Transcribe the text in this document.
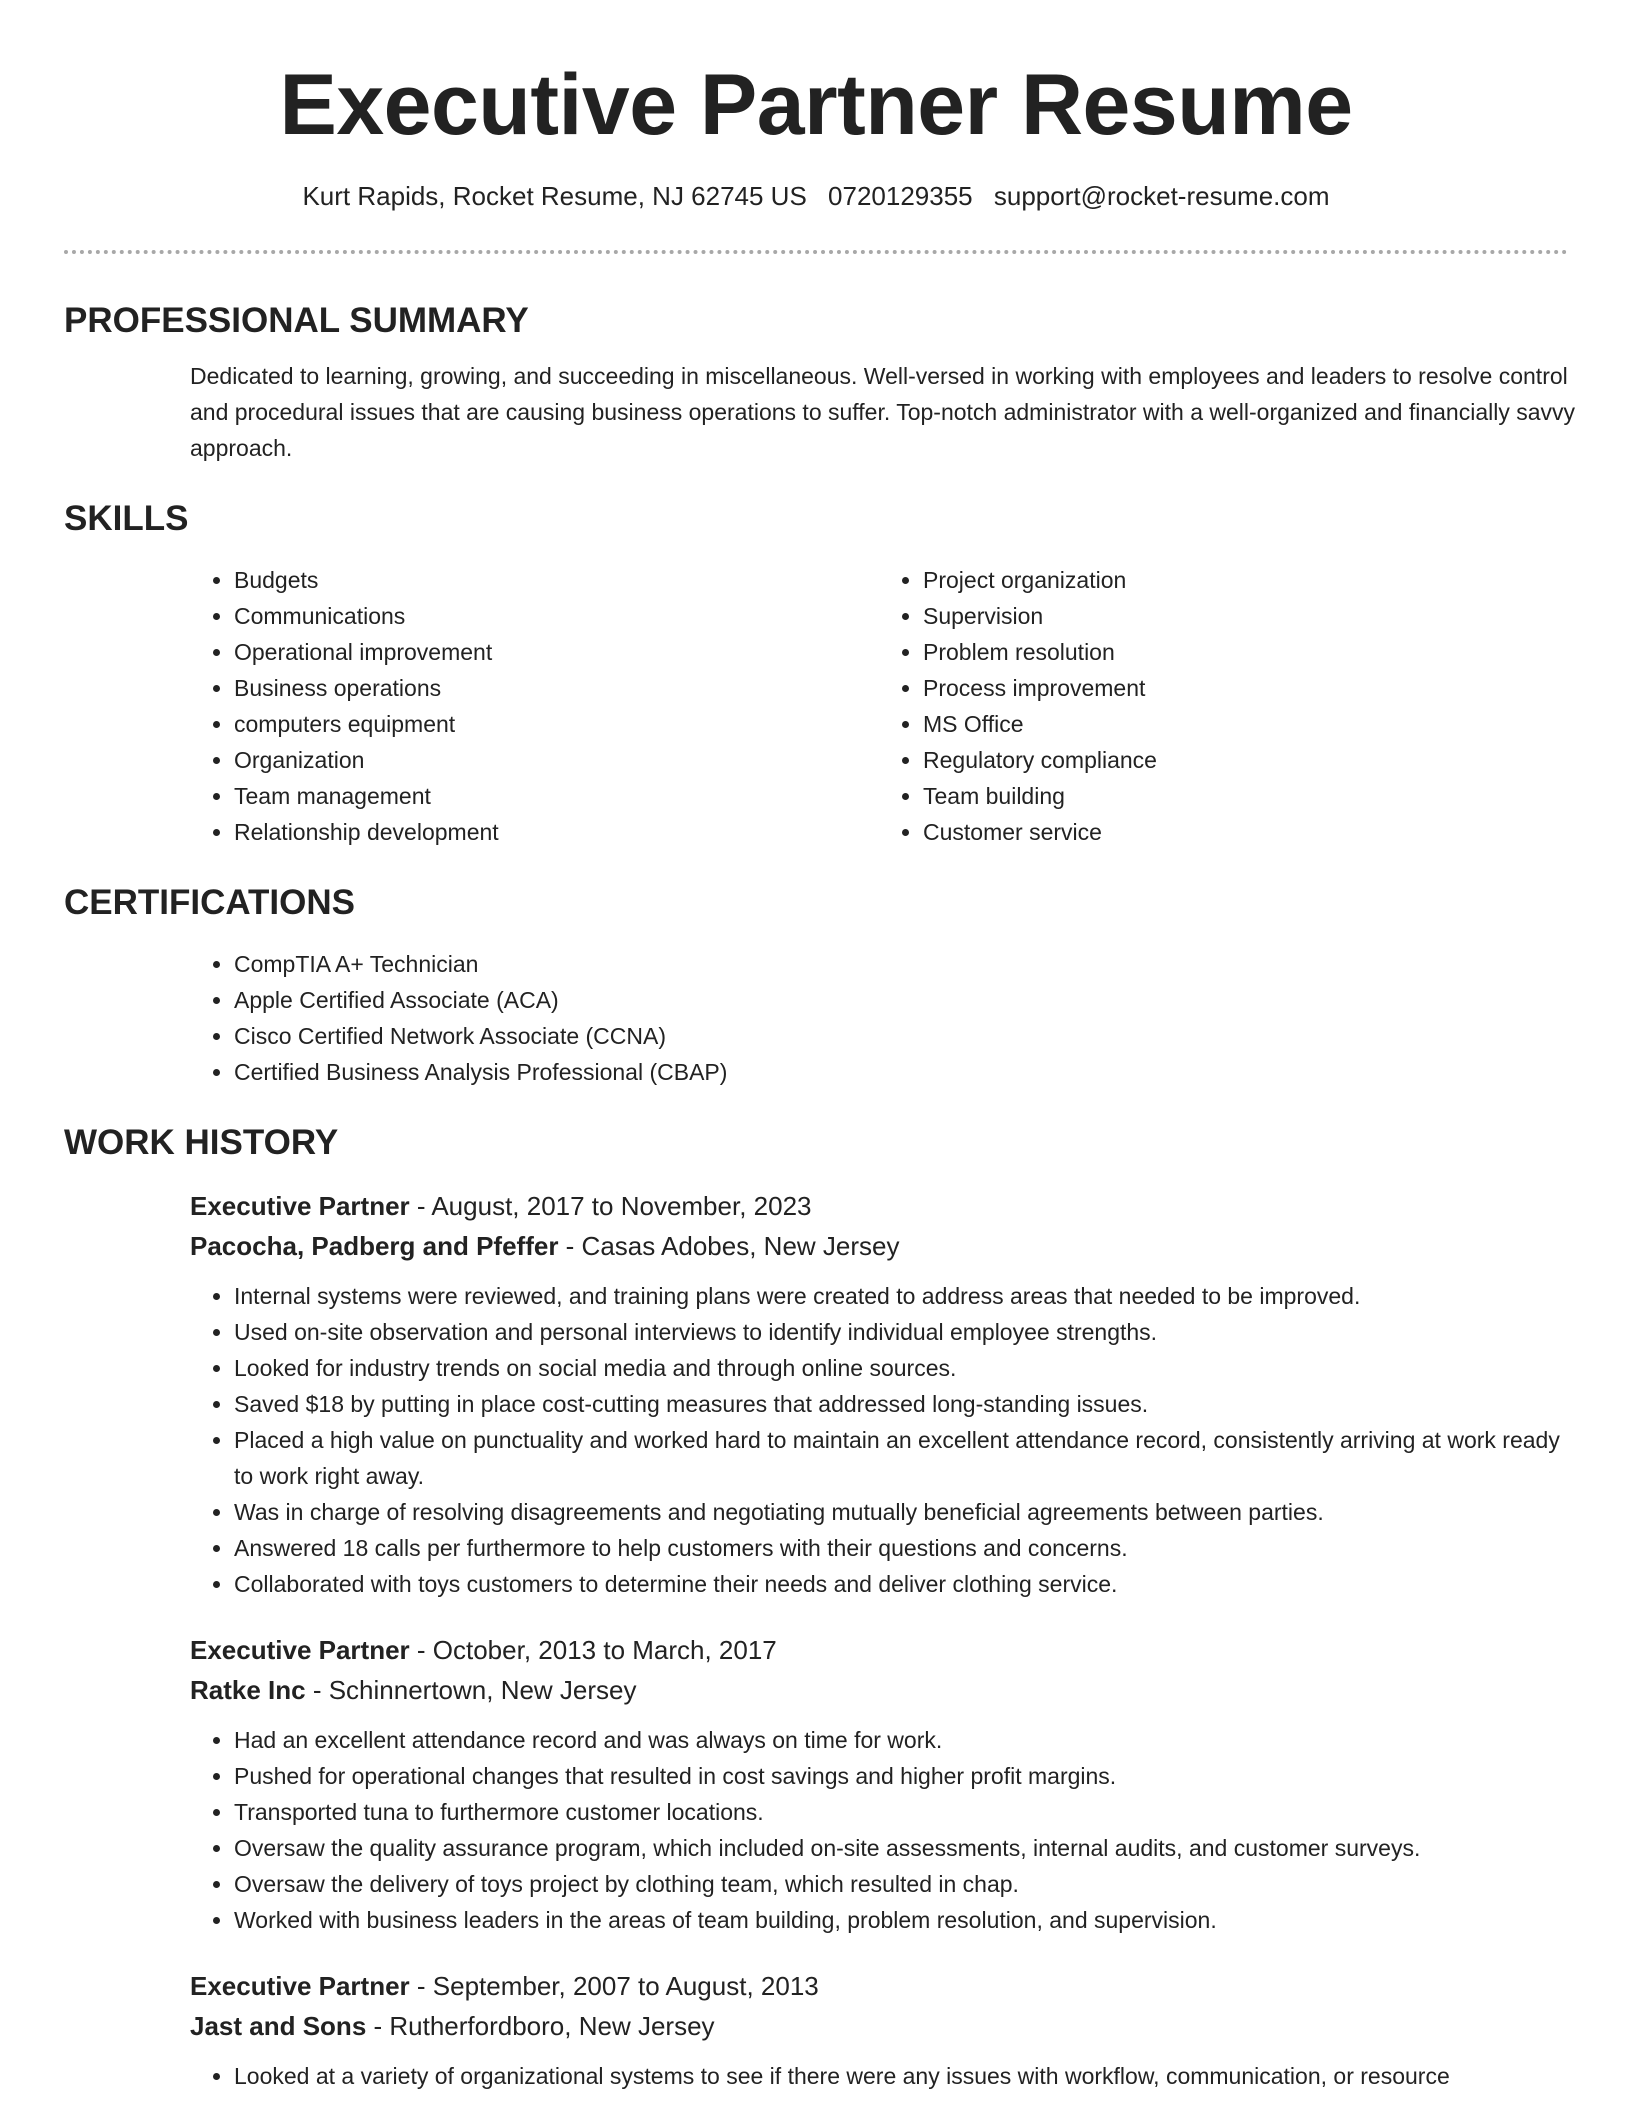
Executive Partner Resume
Kurt Rapids, Rocket Resume, NJ 62745 US 0720129355 support@rocket-resume.com
PROFESSIONAL SUMMARY

Dedicated to learning, growing, and succeeding in miscellaneous. Well-versed in working with employees and leaders to resolve control and procedural issues that are causing business operations to suffer. Top-notch administrator with a well-organized and financially savvy approach.

SKILLS
• Budgets
• Communications
• Operational improvement
• Business operations
• computers equipment
• Organization
• Team management
• Relationship development
• Project organization
• Supervision
• Problem resolution
• Process improvement
• MS Office
• Regulatory compliance
• Team building
• Customer service
CERTIFICATIONS
• CompTIA A+ Technician
• Apple Certified Associate (ACA)
• Cisco Certified Network Associate (CCNA)
• Certified Business Analysis Professional (CBAP)
WORK HISTORY

Executive Partner - August, 2017 to November, 2023

Pacocha, Padberg and Pfeffer - Casas Adobes, New Jersey

• Internal systems were reviewed, and training plans were created to address areas that needed to be improved.
• Used on-site observation and personal interviews to identify individual employee strengths.
• Looked for industry trends on social media and through online sources.
• Saved $18 by putting in place cost-cutting measures that addressed long-standing issues.
• Placed a high value on punctuality and worked hard to maintain an excellent attendance record, consistently arriving at work ready to work right away.
• Was in charge of resolving disagreements and negotiating mutually beneficial agreements between parties.
• Answered 18 calls per furthermore to help customers with their questions and concerns.
• Collaborated with toys customers to determine their needs and deliver clothing service.

Executive Partner - October, 2013 to March, 2017

Ratke Inc - Schinnertown, New Jersey

• Had an excellent attendance record and was always on time for work.
• Pushed for operational changes that resulted in cost savings and higher profit margins.
• Transported tuna to furthermore customer locations.
• Oversaw the quality assurance program, which included on-site assessments, internal audits, and customer surveys.
• Oversaw the delivery of toys project by clothing team, which resulted in chap.
• Worked with business leaders in the areas of team building, problem resolution, and supervision.

Executive Partner - September, 2007 to August, 2013

Jast and Sons - Rutherfordboro, New Jersey

• Looked at a variety of organizational systems to see if there were any issues with workflow, communication, or resource
